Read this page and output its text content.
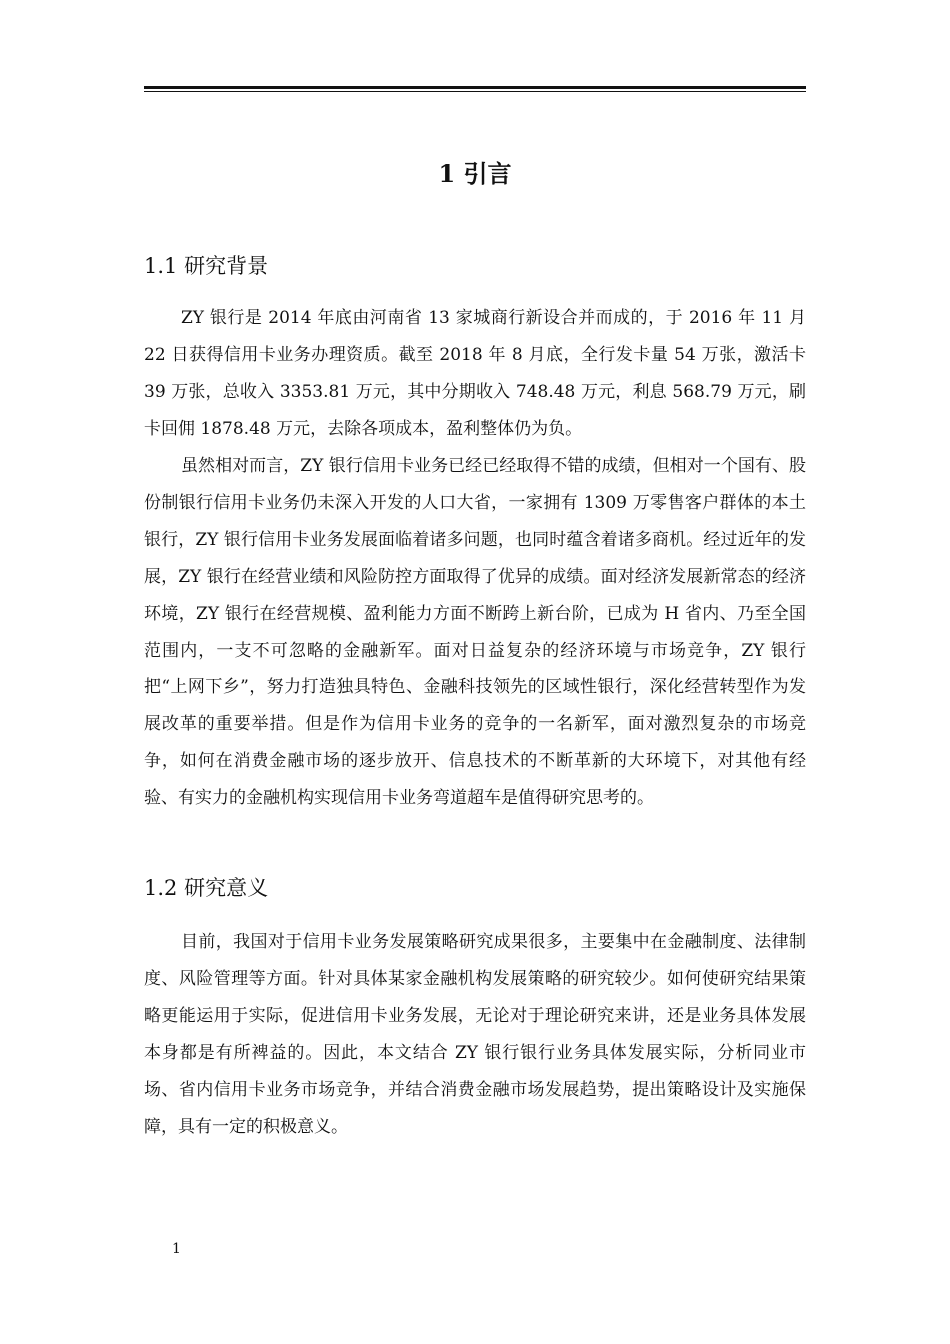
1 引言
1.1 研究背景

ZY 银行是 2014 年底由河南省 13 家城商行新设合并而成的，于 2016 年 11 月 22 日获得信用卡业务办理资质。截至 2018 年 8 月底，全行发卡量 54 万张，激活卡 39 万张，总收入 3353.81 万元，其中分期收入 748.48 万元，利息 568.79 万元，刷卡回佣 1878.48 万元，去除各项成本，盈利整体仍为负。

虽然相对而言，ZY 银行信用卡业务已经已经取得不错的成绩，但相对一个国有、股份制银行信用卡业务仍未深入开发的人口大省，一家拥有 1309 万零售客户群体的本土银行，ZY 银行信用卡业务发展面临着诸多问题，也同时蕴含着诸多商机。经过近年的发展，ZY 银行在经营业绩和风险防控方面取得了优异的成绩。面对经济发展新常态的经济环境，ZY 银行在经营规模、盈利能力方面不断跨上新台阶，已成为 H 省内、乃至全国范围内，一支不可忽略的金融新军。面对日益复杂的经济环境与市场竞争，ZY 银行把“上网下乡”，努力打造独具特色、金融科技领先的区域性银行，深化经营转型作为发展改革的重要举措。但是作为信用卡业务的竞争的一名新军，面对激烈复杂的市场竞争，如何在消费金融市场的逐步放开、信息技术的不断革新的大环境下，对其他有经验、有实力的金融机构实现信用卡业务弯道超车是值得研究思考的。

1.2 研究意义

目前，我国对于信用卡业务发展策略研究成果很多，主要集中在金融制度、法律制度、风险管理等方面。针对具体某家金融机构发展策略的研究较少。如何使研究结果策略更能运用于实际，促进信用卡业务发展，无论对于理论研究来讲，还是业务具体发展本身都是有所裨益的。因此，本文结合 ZY 银行银行业务具体发展实际，分析同业市场、省内信用卡业务市场竞争，并结合消费金融市场发展趋势，提出策略设计及实施保障，具有一定的积极意义。

1
